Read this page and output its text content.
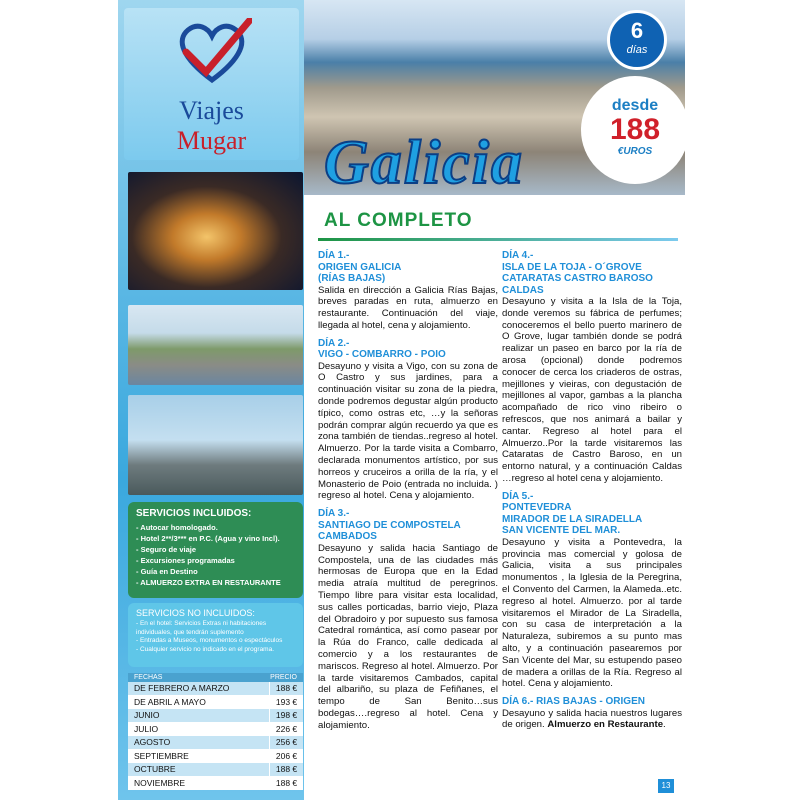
Viajes
Mugar
SERVICIOS INCLUIDOS:
- Autocar homologado.
- Hotel 2**/3*** en P.C. (Agua y vino Incl).
- Seguro de viaje
- Excursiones programadas
- Guía en Destino
- ALMUERZO EXTRA EN RESTAURANTE
SERVICIOS NO INCLUIDOS:
- En el hotel: Servicios Extras ni habitaciones
individuales, que tendrán suplemento
- Entradas a Museos, monumentos o espectáculos
- Cualquier servicio no indicado en el programa.
FECHAS	PRECIO
DE FEBRERO A MARZO	188 €
DE ABRIL A MAYO	193 €
JUNIO	198 €
JULIO	226 €
AGOSTO	256 €
SEPTIEMBRE	206 €
OCTUBRE	188 €
NOVIEMBRE	188 €
6
días
desde
188
€UROS
Galicia
AL COMPLETO
DÍA 1.-
ORIGEN GALICIA
(RÍAS BAJAS)

Salida en dirección a Galicia Rías Bajas, breves paradas en ruta, almuerzo en restaurante. Continuación del viaje, llegada al hotel, cena y alojamiento.

DÍA 2.-
VIGO - COMBARRO - POIO

Desayuno y visita a Vigo, con su zona de O Castro y sus jardines, para a continuación visitar su zona de la piedra, donde podremos degustar algún producto típico, como ostras etc, …y la señoras podrán comprar algún recuerdo ya que es zona también de tiendas..regreso al hotel. Almuerzo. Por la tarde visita a Combarro, declarada monumentos artístico, por sus horreos y cruceiros a orilla de la ría, y el Monasterio de Poio (entrada no incluida. ) regreso al hotel. Cena y alojamiento.

DÍA 3.-
SANTIAGO DE COMPOSTELA
CAMBADOS

Desayuno y salida hacia Santiago de Compostela, una de las ciudades más hermosas de Europa que en la Edad media atraía multitud de peregrinos. Tiempo libre para visitar esta localidad, sus calles porticadas, barrio viejo, Plaza del Obradoiro y por supuesto sus famosa Catedral romántica, así como pasear por la Rúa do Franco, calle dedicada al comercio y a los restaurantes de mariscos. Regreso al hotel. Almuerzo. Por la tarde visitaremos Cambados, capital del albariño, su plaza de Fefiñanes, el tempo de San Benito…sus bodegas….regreso al hotel. Cena y alojamiento.

DÍA 4.-
ISLA DE LA TOJA - O´GROVE
CATARATAS CASTRO BAROSO
CALDAS

Desayuno y visita a la Isla de la Toja, donde veremos su fábrica de perfumes; conoceremos el bello puerto marinero de O Grove, lugar también donde se podrá realizar un paseo en barco por la ría de arosa (opcional) donde podremos conocer de cerca los criaderos de ostras, mejillones y vieiras, con degustación de mejillones al vapor, gambas a la plancha acompañado de rico vino ribeiro o refrescos, que nos animará a bailar y cantar. Regreso al hotel para el Almuerzo..Por la tarde visitaremos las Cataratas de Castro Baroso, en un entorno natural, y a continuación Caldas …regreso al hotel cena y alojamiento.

DÍA 5.-
PONTEVEDRA
MIRADOR DE LA SIRADELLA
SAN VICENTE DEL MAR.

Desayuno y visita a Pontevedra, la provincia mas comercial y golosa de Galicia, visita a sus principales monumentos , la Iglesia de la Peregrina, el Convento del Carmen, la Alameda..etc. regreso al hotel. Almuerzo. por al tarde visitaremos el Mirador de La Siradella, con su casa de interpretación a la Naturaleza, subiremos a su punto mas alto, y a continuación pasearemos por San Vicente del Mar, su estupendo paseo de madera a orillas de la Ría. Regreso al hotel. Cena y alojamiento.

DÍA 6.- RIAS BAJAS - ORIGEN

Desayuno y salida hacia nuestros lugares de origen. Almuerzo en Restaurante.

13
